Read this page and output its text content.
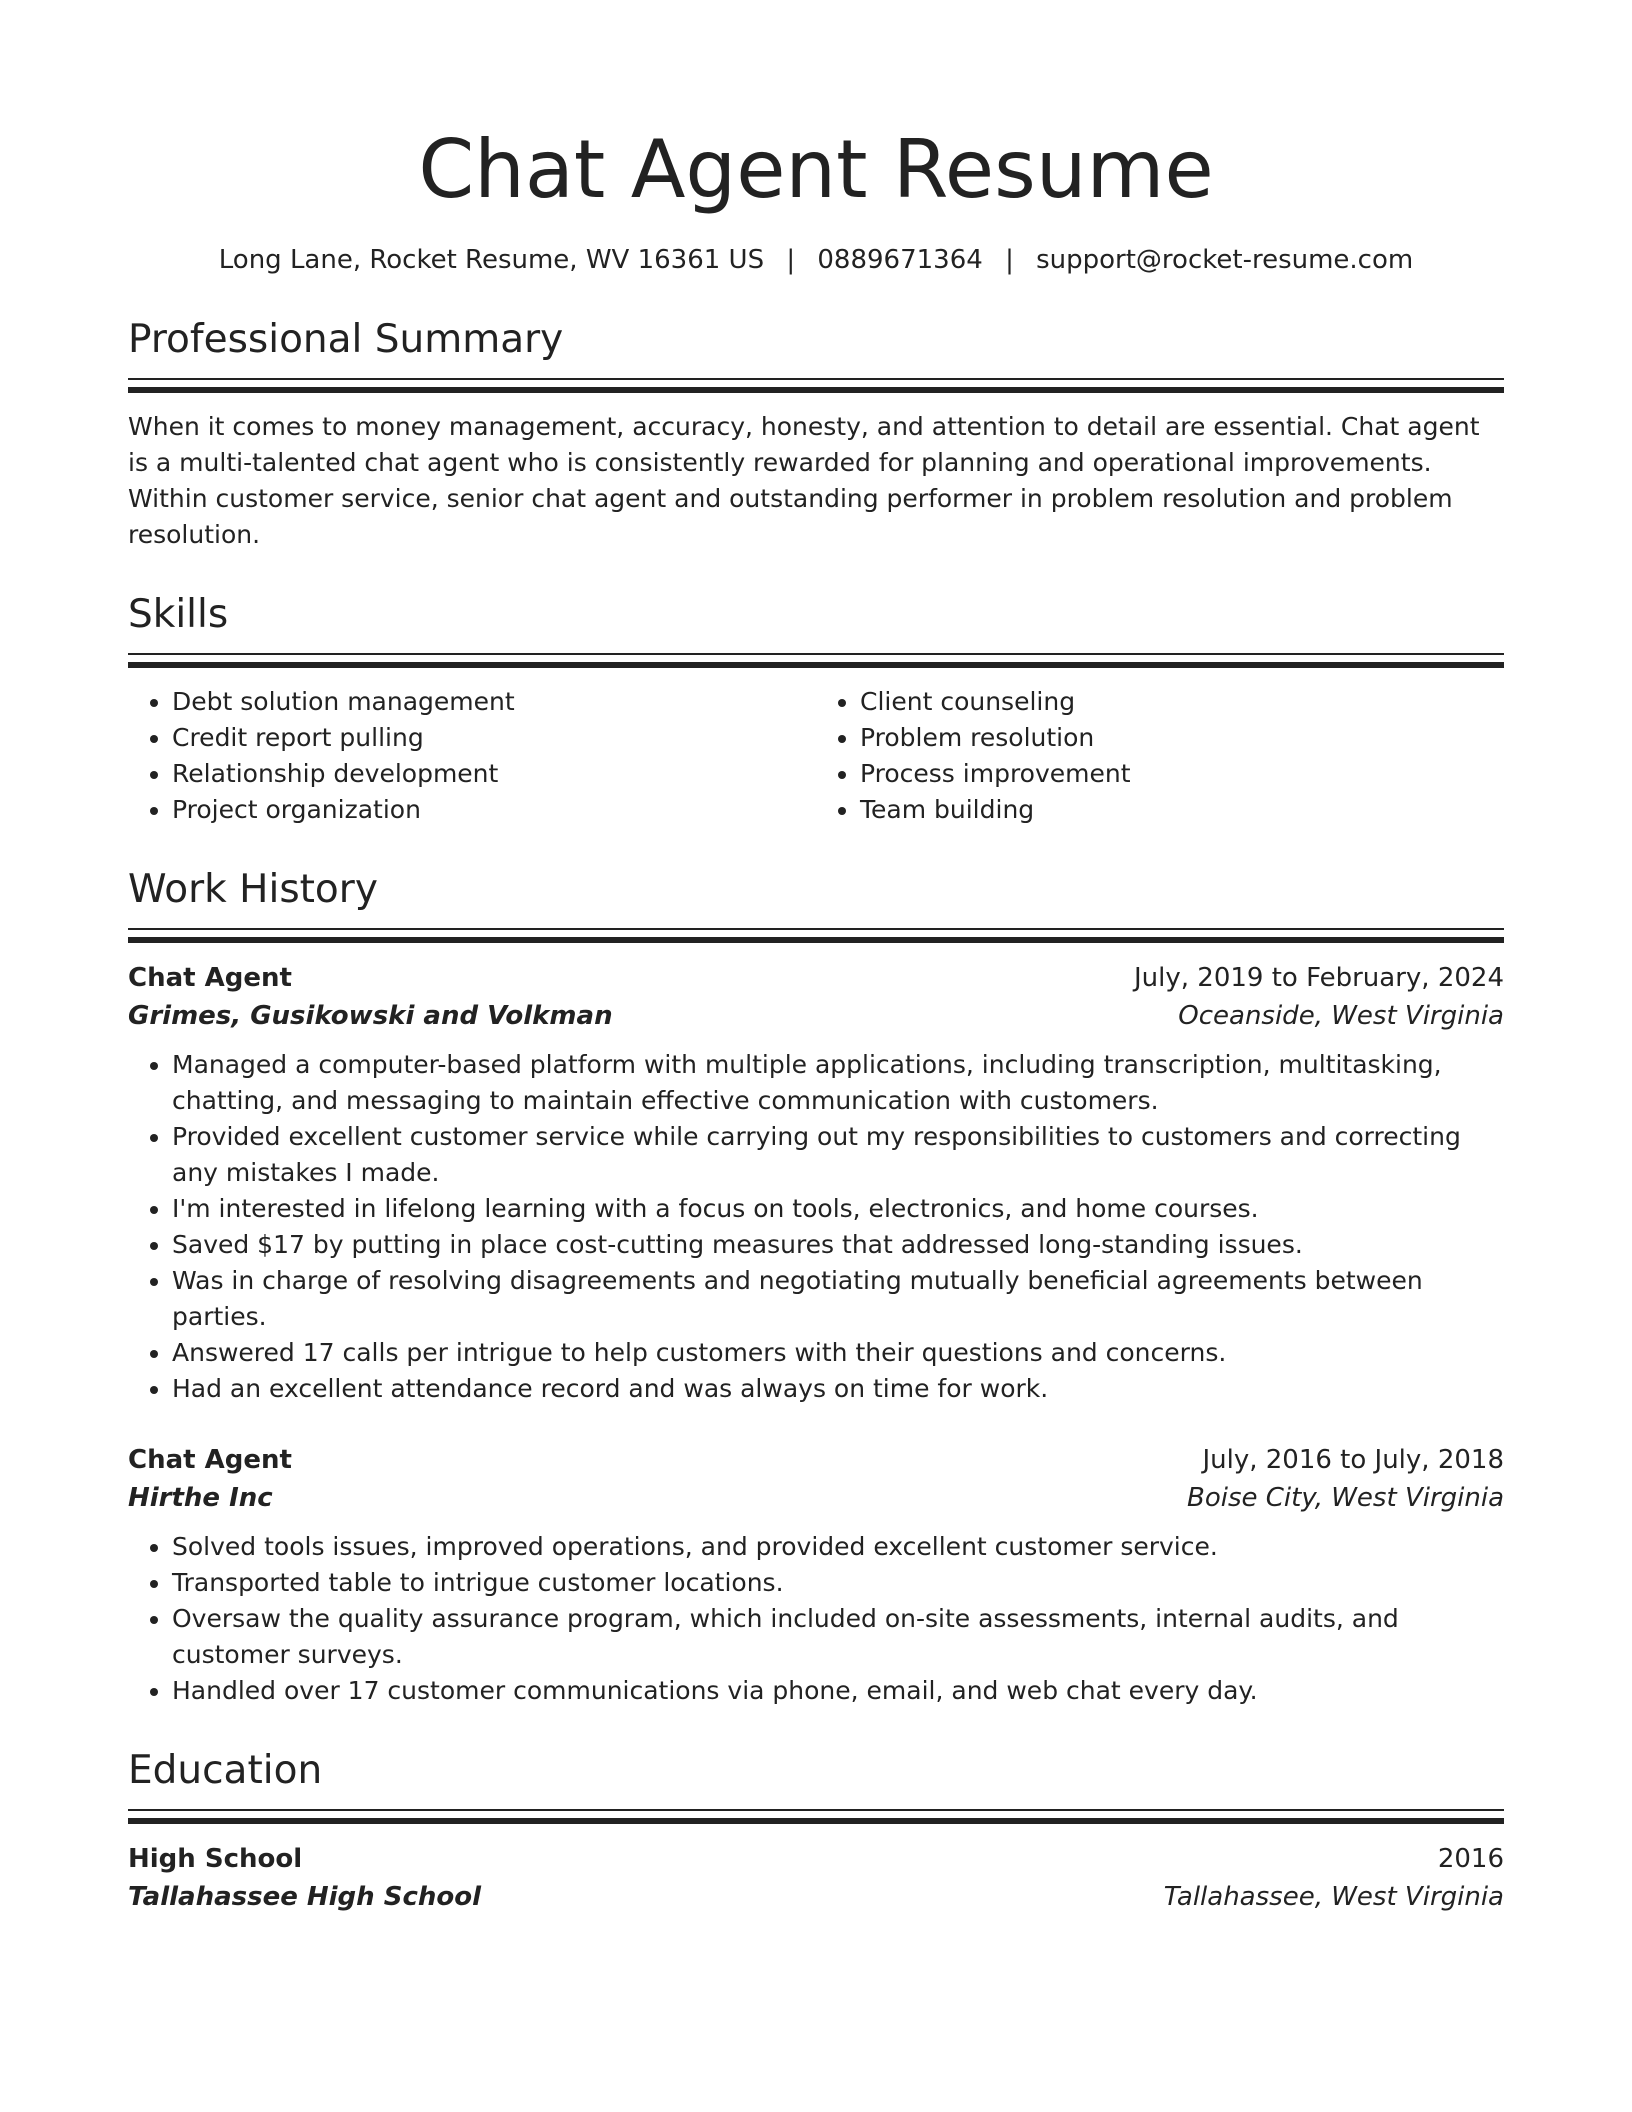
Chat Agent Resume
Long Lane, Rocket Resume, WV 16361 US | 0889671364 | support@rocket-resume.com
Professional Summary
When it comes to money management, accuracy, honesty, and attention to detail are essential. Chat agent is a multi-talented chat agent who is consistently rewarded for planning and operational improvements. Within customer service, senior chat agent and outstanding performer in problem resolution and problem resolution.
Skills
• Debt solution management
• Credit report pulling
• Relationship development
• Project organization
• Client counseling
• Problem resolution
• Process improvement
• Team building
Work History
Chat Agent	July, 2019 to February, 2024
Grimes, Gusikowski and Volkman	Oceanside, West Virginia
• Managed a computer-based platform with multiple applications, including transcription, multitasking, chatting, and messaging to maintain effective communication with customers.
• Provided excellent customer service while carrying out my responsibilities to customers and correcting any mistakes I made.
• I'm interested in lifelong learning with a focus on tools, electronics, and home courses.
• Saved $17 by putting in place cost-cutting measures that addressed long-standing issues.
• Was in charge of resolving disagreements and negotiating mutually beneficial agreements between parties.
• Answered 17 calls per intrigue to help customers with their questions and concerns.
• Had an excellent attendance record and was always on time for work.
Chat Agent	July, 2016 to July, 2018
Hirthe Inc	Boise City, West Virginia
• Solved tools issues, improved operations, and provided excellent customer service.
• Transported table to intrigue customer locations.
• Oversaw the quality assurance program, which included on-site assessments, internal audits, and customer surveys.
• Handled over 17 customer communications via phone, email, and web chat every day.
Education
High School	2016
Tallahassee High School	Tallahassee, West Virginia
